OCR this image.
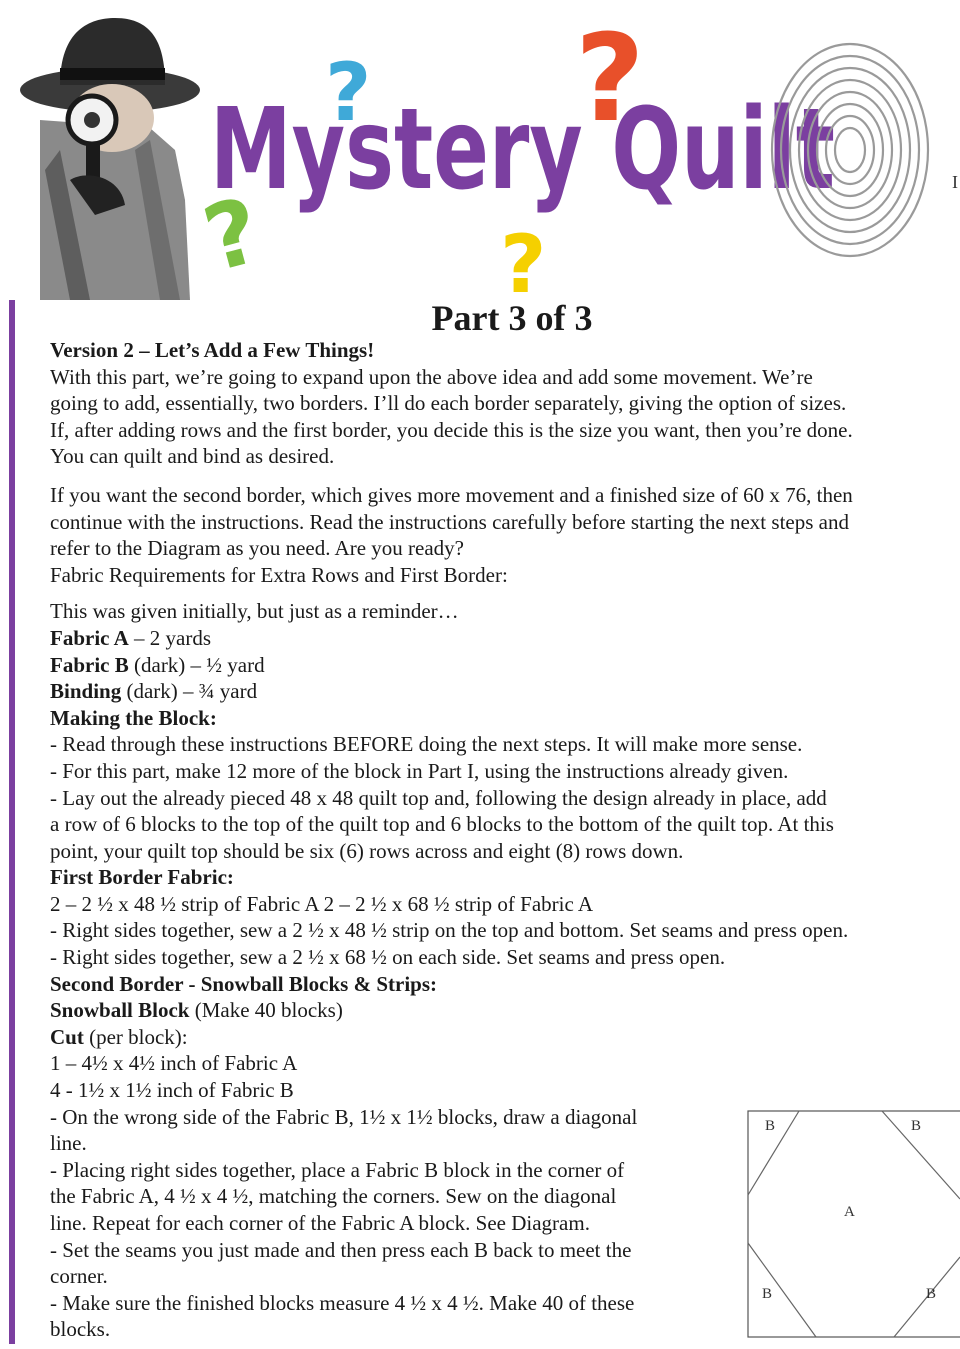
Mystery Quilt
?
?
?	?
I
Part 3 of 3

Version 2 – Let’s Add a Few Things!

With this part, we’re going to expand upon the above idea and add some movement. We’re

going to add, essentially, two borders. I’ll do each border separately, giving the option of sizes.

If, after adding rows and the first border, you decide this is the size you want, then you’re done.

You can quilt and bind as desired.

If you want the second border, which gives more movement and a finished size of 60 x 76, then

continue with the instructions. Read the instructions carefully before starting the next steps and

refer to the Diagram as you need. Are you ready?

Fabric Requirements for Extra Rows and First Border:

This was given initially, but just as a reminder…

Fabric A – 2 yards

Fabric B (dark) – ½ yard

Binding (dark) – ¾ yard

Making the Block:

- Read through these instructions BEFORE doing the next steps. It will make more sense.

- For this part, make 12 more of the block in Part I, using the instructions already given.

- Lay out the already pieced 48 x 48 quilt top and, following the design already in place, add

a row of 6 blocks to the top of the quilt top and 6 blocks to the bottom of the quilt top. At this

point, your quilt top should be six (6) rows across and eight (8) rows down.

First Border Fabric:

2 – 2 ½ x 48 ½ strip of Fabric A 2 – 2 ½ x 68 ½ strip of Fabric A

- Right sides together, sew a 2 ½ x 48 ½ strip on the top and bottom. Set seams and press open.

- Right sides together, sew a 2 ½ x 68 ½ on each side. Set seams and press open.

Second Border - Snowball Blocks & Strips:

Snowball Block (Make 40 blocks)

Cut (per block):

1 – 4½ x 4½ inch of Fabric A

4 - 1½ x 1½ inch of Fabric B

- On the wrong side of the Fabric B, 1½ x 1½ blocks, draw a diagonal

line.

- Placing right sides together, place a Fabric B block in the corner of

the Fabric A, 4 ½ x 4 ½, matching the corners. Sew on the diagonal

line. Repeat for each corner of the Fabric A block. See Diagram.

- Set the seams you just made and then press each B back to meet the

corner.

- Make sure the finished blocks measure 4 ½ x 4 ½. Make 40 of these

blocks.

B	B
A
B	B
